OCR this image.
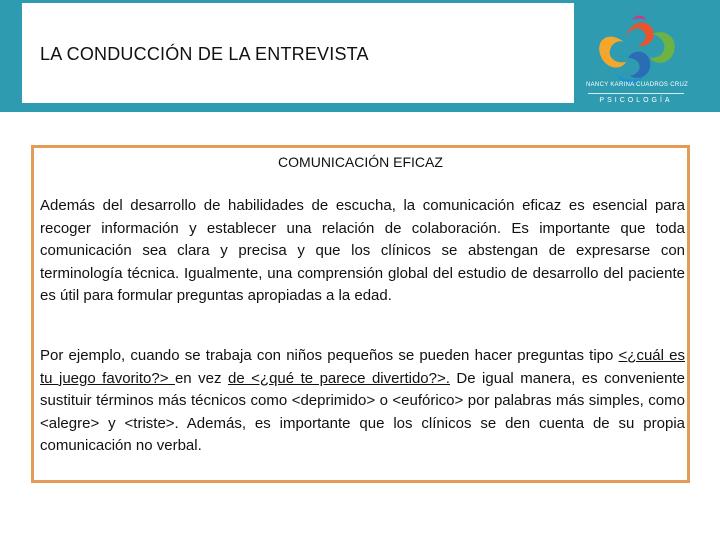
LA CONDUCCIÓN DE LA ENTREVISTA
NANCY KARINA CUADROS CRUZ
PSICOLOGÍA
COMUNICACIÓN EFICAZ

Además del desarrollo de habilidades de escucha, la comunicación eficaz es esencial para recoger información y establecer una relación de colaboración. Es importante que toda comunicación sea clara y precisa y que los clínicos se abstengan de expresarse con terminología técnica. Igualmente, una comprensión global del estudio de desarrollo del paciente es útil para formular preguntas apropiadas a la edad.

Por ejemplo, cuando se trabaja con niños pequeños se pueden hacer preguntas tipo <¿cuál es tu juego favorito?> en vez de <¿qué te parece divertido?>. De igual manera, es conveniente sustituir términos más técnicos como <deprimido> o <eufórico> por palabras más simples, como <alegre> y <triste>. Además, es importante que los clínicos se den cuenta de su propia comunicación no verbal.
